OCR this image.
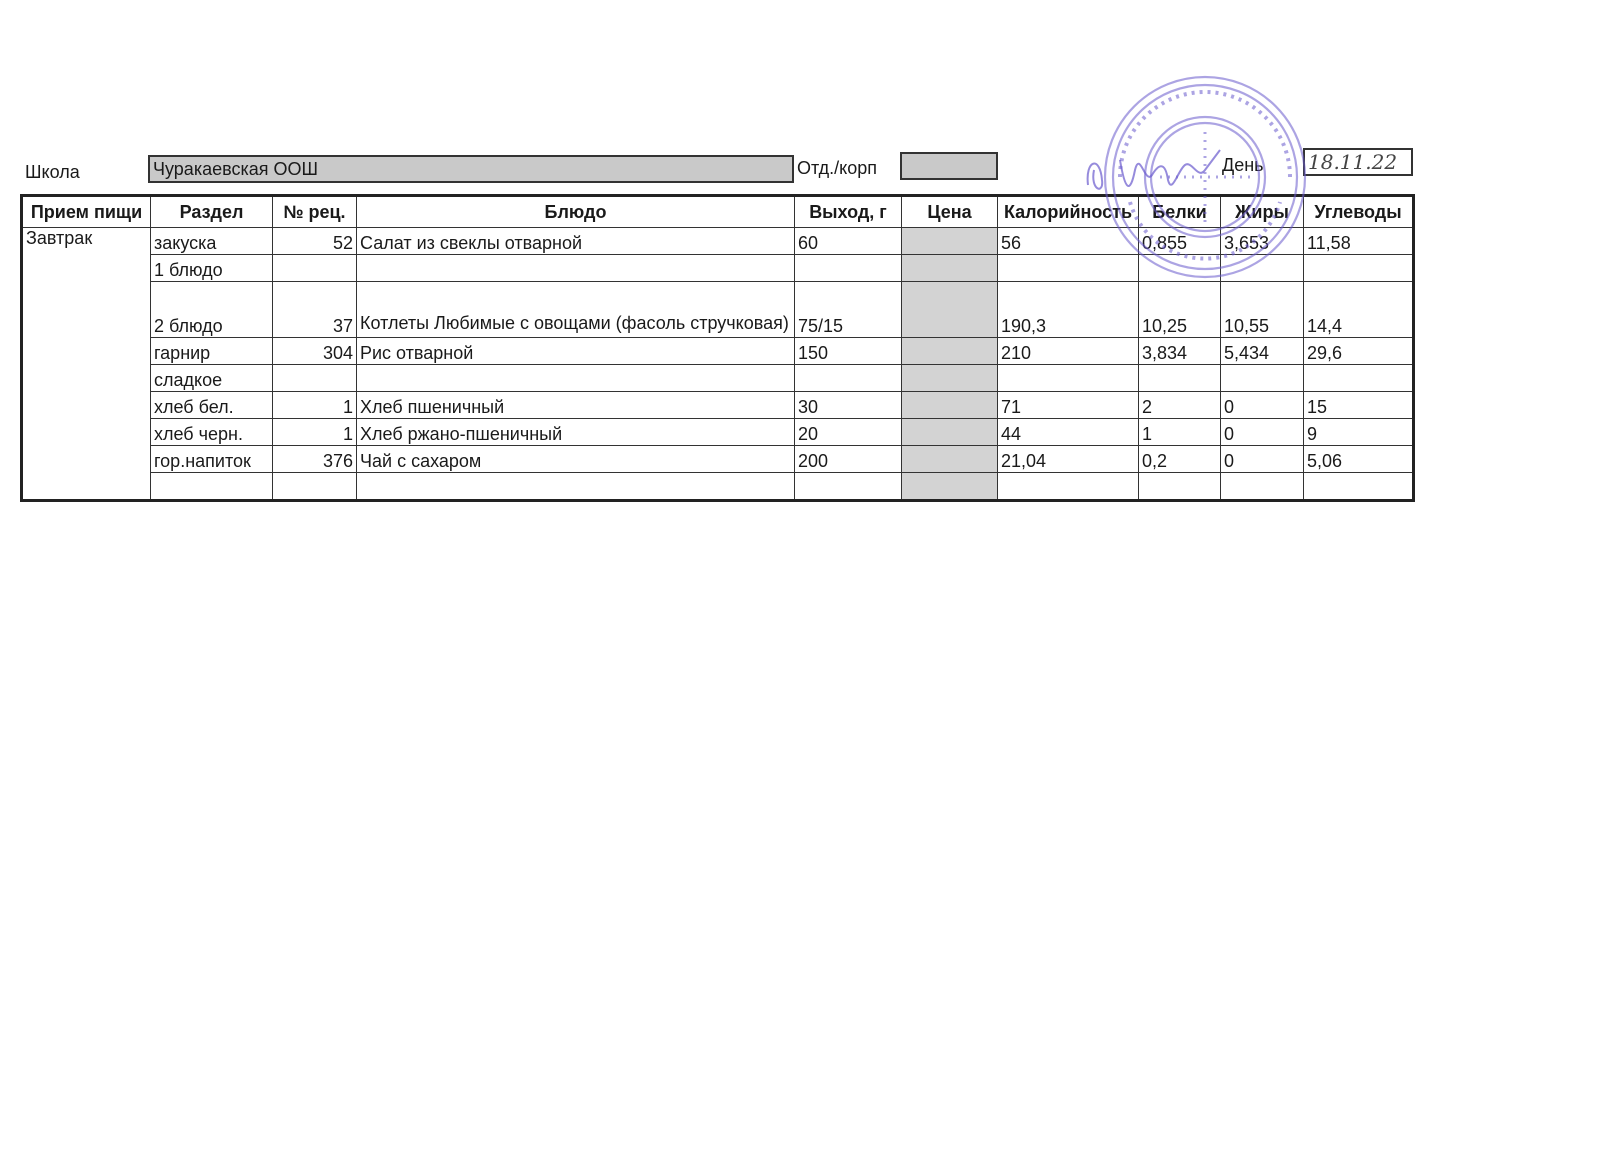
Школа	Чуракаевская ООШ	Отд./корп	День 18.11.22
Прием пищи	Раздел	№ рец.	Блюдо	Выход, г	Цена	Калорийность	Белки	Жиры	Углеводы
Завтрак	закуска	52	Салат из свеклы отварной	60		56	0,855	3,653	11,58
	1 блюдо								
	2 блюдо	37	Котлеты Любимые с овощами (фасоль стручковая)	75/15		190,3	10,25	10,55	14,4
	гарнир	304	Рис отварной	150		210	3,834	5,434	29,6
	сладкое								
	хлеб бел.	1	Хлеб пшеничный	30		71	2	0	15
	хлеб черн.	1	Хлеб ржано-пшеничный	20		44	1	0	9
	гор.напиток	376	Чай с сахаром	200		21,04	0,2	0	5,06
